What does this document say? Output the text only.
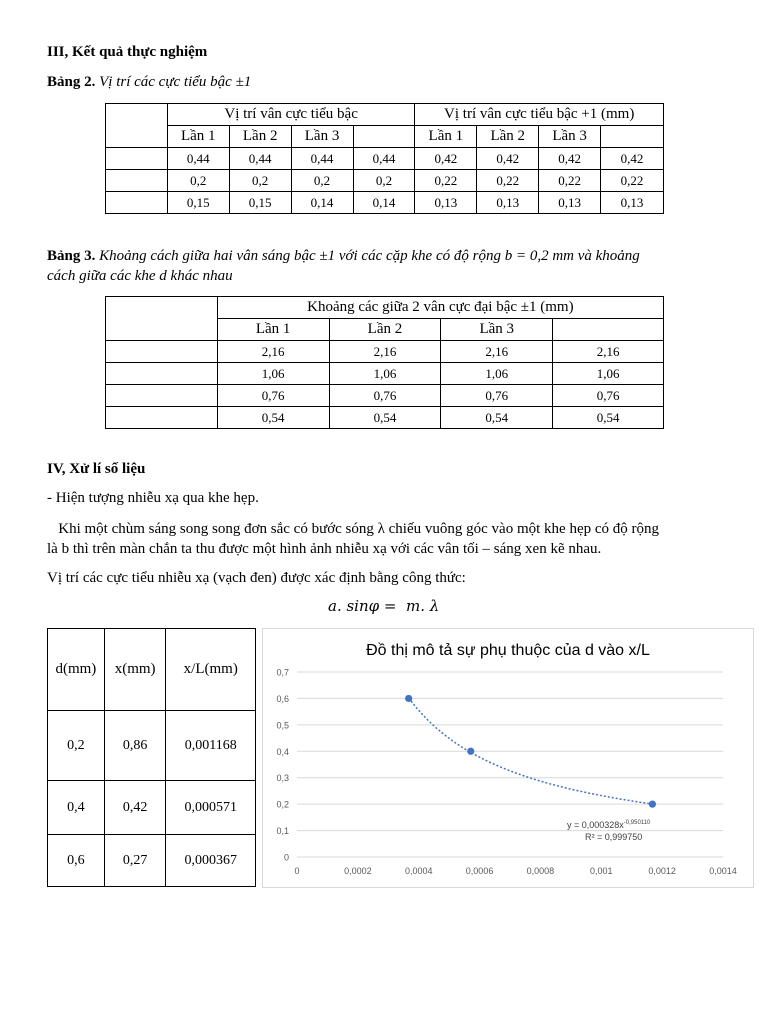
III, Kết quả thực nghiệm
Bảng 2. Vị trí các cực tiểu bậc ±1
	Vị trí vân cực tiểu bậc				Vị trí vân cực tiểu bậc +1 (mm)			
	Lần 1	Lần 2	Lần 3		Lần 1	Lần 2	Lần 3	
	0,44	0,44	0,44	0,44	0,42	0,42	0,42	0,42
	0,2	0,2	0,2	0,2	0,22	0,22	0,22	0,22
	0,15	0,15	0,14	0,14	0,13	0,13	0,13	0,13
Bảng 3. Khoảng cách giữa hai vân sáng bậc ±1 với các cặp khe có độ rộng b = 0,2 mm và khoảng
cách giữa các khe d khác nhau
	Khoảng các giữa 2 vân cực đại bậc ±1 (mm)			
	Lần 1	Lần 2	Lần 3	
	2,16	2,16	2,16	2,16
	1,06	1,06	1,06	1,06
	0,76	0,76	0,76	0,76
	0,54	0,54	0,54	0,54
IV, Xử lí số liệu
- Hiện tượng nhiễu xạ qua khe hẹp.
Khi một chùm sáng song song đơn sắc có bước sóng λ chiếu vuông góc vào một khe hẹp có độ rộng
là b thì trên màn chắn ta thu được một hình ảnh nhiễu xạ với các vân tối – sáng xen kẽ nhau.
Vị trí các cực tiểu nhiễu xạ (vạch đen) được xác định bằng công thức:
a. sinφ =  m. λ
d(mm)	x(mm)	x/L(mm)
0,2	0,86	0,001168
0,4	0,42	0,000571
0,6	0,27	0,000367
Đồ thị mô tả sự phụ thuộc của d vào x/L
0
0,1
0,2
0,3
0,4
0,5
0,6
0,7
0	0,0002	0,0004	0,0006	0,0008	0,001	0,0012	0,0014
$y = 0,000328x^{-0,950110}$
R² = 0,999750
